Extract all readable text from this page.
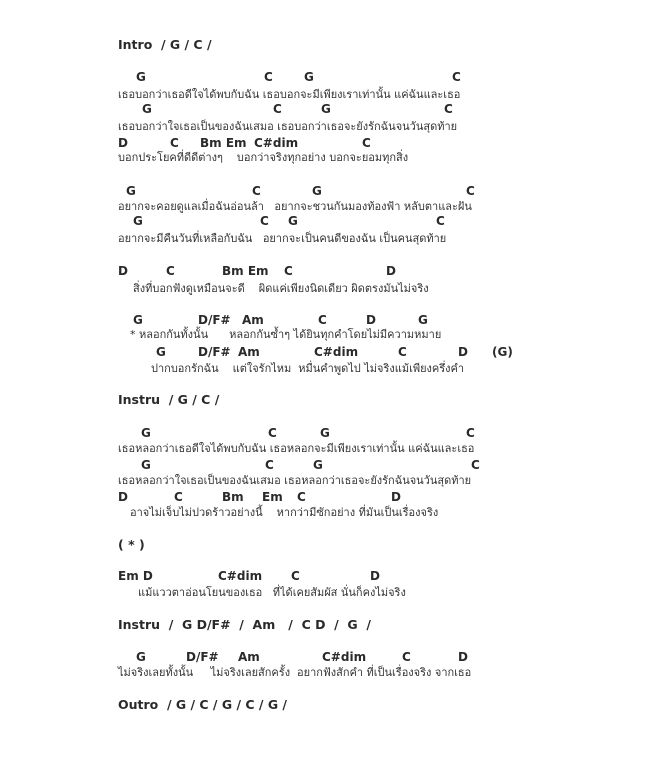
Intro  / G / C /
G	C	G	C
เธอบอกว่าเธอดีใจได้พบกับฉัน เธอบอกจะมีเพียงเราเท่านั้น แค่ฉันและเธอ
G	C	G	C
เธอบอกว่าใจเธอเป็นของฉันเสมอ เธอบอกว่าเธอจะยังรักฉันจนวันสุดท้าย
D	C Bm Em C#dim	C
บอกประโยคที่ดีดีต่างๆ    บอกว่าจริงทุกอย่าง บอกจะยอมทุกสิ่ง
G	C	G	C
อยากจะคอยดูแลเมื่อฉันอ่อนล้า   อยากจะชวนกันมองท้องฟ้า หลับตาและฝัน
G	C G	C
อยากจะมีคืนวันที่เหลือกับฉัน   อยากจะเป็นคนดีของฉัน เป็นคนสุดท้าย
D	C	Bm Em C	D
สิ่งที่บอกฟังดูเหมือนจะดี    ผิดแค่เพียงนิดเดียว ผิดตรงมันไม่จริง
G	D/F# Am	C	D	G
* หลอกกันทั้งนั้น      หลอกกันซ้ำๆ ได้ยินทุกคำโดยไม่มีความหมาย
G	D/F# Am	C#dim	C	D (G)
ปากบอกรักฉัน    แต่ใจรักไหม  หมื่นคำพูดไป ไม่จริงแม้เพียงครึ่งคำ
Instru  / G / C /
G	C	G	C
เธอหลอกว่าเธอดีใจได้พบกับฉัน เธอหลอกจะมีเพียงเราเท่านั้น แค่ฉันและเธอ
G	C	G	C
เธอหลอกว่าใจเธอเป็นของฉันเสมอ เธอหลอกว่าเธอจะยังรักฉันจนวันสุดท้าย
D	C	Bm Em C	D
อาจไม่เจ็บไม่ปวดร้าวอย่างนี้    หากว่ามีซักอย่าง ที่มันเป็นเรื่องจริง
( * )
Em D	C#dim C	D
แม้แววตาอ่อนโยนของเธอ   ที่ได้เคยสัมผัส นั่นก็คงไม่จริง
Instru  /  G D/F#  /  Am   /  C D  /  G  /
G	D/F# Am	C#dim	C	D
ไม่จริงเลยทั้งนั้น     ไม่จริงเลยสักครั้ง  อยากฟังสักคำ ที่เป็นเรื่องจริง จากเธอ
Outro  / G / C / G / C / G /
